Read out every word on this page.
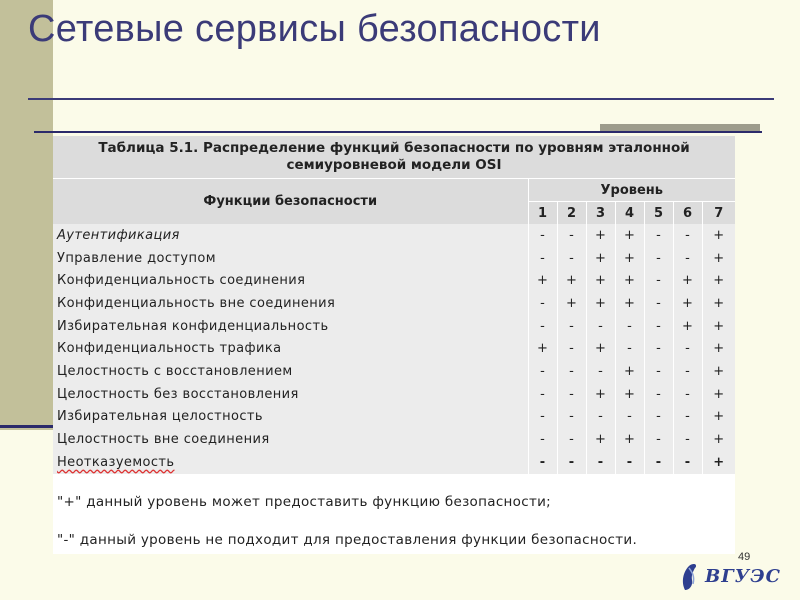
Сетевые сервисы безопасности
Таблица 5.1. Распределение функций безопасности по уровням эталонной
семиуровневой модели OSI							

Функции безопасности	Уровень						
	1	2	3	4	5	6	7
Аутентификация	-	-	+	+	-	-	+
Управление доступом	-	-	+	+	-	-	+
Конфиденциальность соединения	+	+	+	+	-	+	+
Конфиденциальность вне соединения	-	+	+	+	-	+	+
Избирательная конфиденциальность	-	-	-	-	-	+	+
Конфиденциальность трафика	+	-	+	-	-	-	+
Целостность с восстановлением	-	-	-	+	-	-	+
Целостность без восстановления	-	-	+	+	-	-	+
Избирательная целостность	-	-	-	-	-	-	+
Целостность вне соединения	-	-	+	+	-	-	+
Неотказуемость	-	-	-	-	-	-	+
"+" данный уровень может предоставить функцию безопасности;
"-" данный уровень не подходит для предоставления функции безопасности.
49
ВГУЭС
